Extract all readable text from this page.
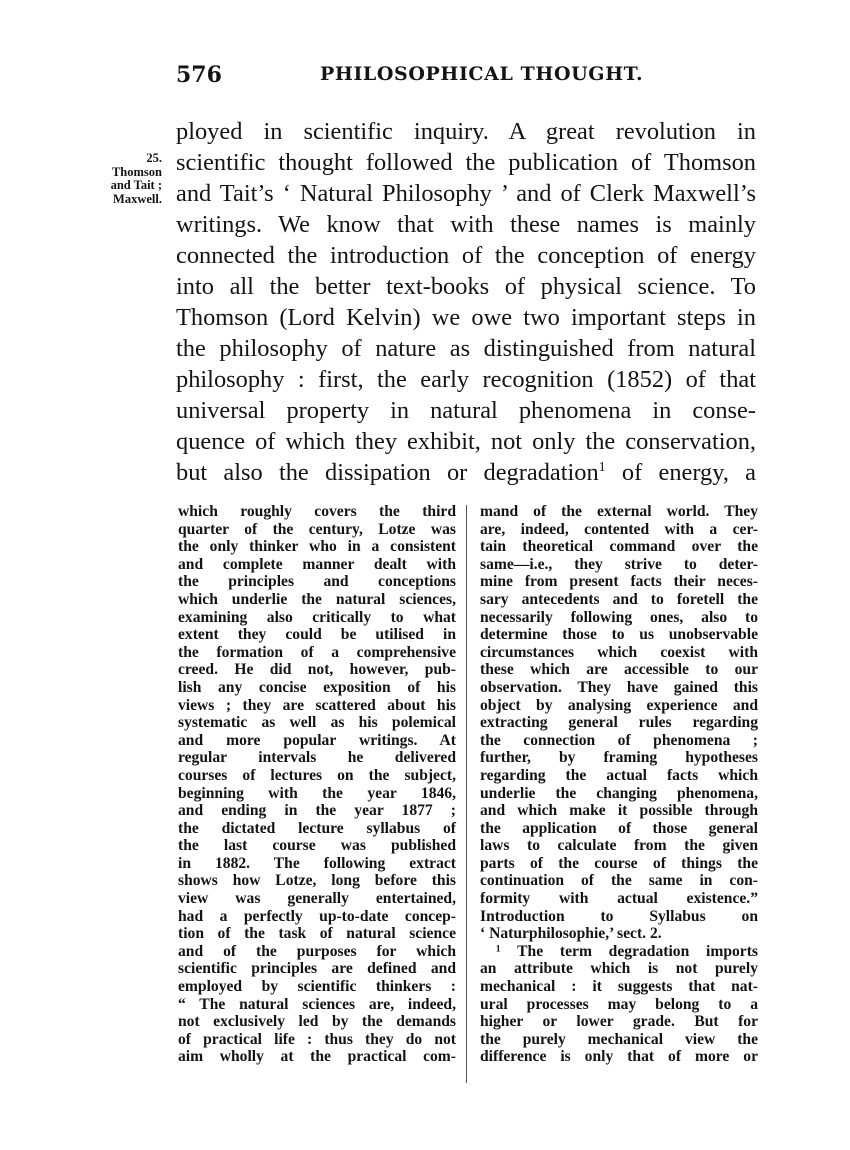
576	PHILOSOPHICAL THOUGHT.
25.
Thomson
and Tait ;
Maxwell.
ployed in scientific inquiry. A great revolution in
scientific thought followed the publication of Thomson
and Tait’s ‘ Natural Philosophy ’ and of Clerk Maxwell’s
writings. We know that with these names is mainly
connected the introduction of the conception of energy
into all the better text-books of physical science. To
Thomson (Lord Kelvin) we owe two important steps in
the philosophy of nature as distinguished from natural
philosophy : first, the early recognition (1852) of that
universal property in natural phenomena in conse-
quence of which they exhibit, not only the conservation,
but also the dissipation or degradation$^1$ of energy, a
which roughly covers the third
quarter of the century, Lotze was
the only thinker who in a consistent
and complete manner dealt with
the principles and conceptions
which underlie the natural sciences,
examining also critically to what
extent they could be utilised in
the formation of a comprehensive
creed. He did not, however, pub-
lish any concise exposition of his
views ; they are scattered about his
systematic as well as his polemical
and more popular writings. At
regular intervals he delivered
courses of lectures on the subject,
beginning with the year 1846,
and ending in the year 1877 ;
the dictated lecture syllabus of
the last course was published
in 1882. The following extract
shows how Lotze, long before this
view was generally entertained,
had a perfectly up-to-date concep-
tion of the task of natural science
and of the purposes for which
scientific principles are defined and
employed by scientific thinkers :
“ The natural sciences are, indeed,
not exclusively led by the demands
of practical life : thus they do not
aim wholly at the practical com-
mand of the external world. They
are, indeed, contented with a cer-
tain theoretical command over the
same—i.e., they strive to deter-
mine from present facts their neces-
sary antecedents and to foretell the
necessarily following ones, also to
determine those to us unobservable
circumstances which coexist with
these which are accessible to our
observation. They have gained this
object by analysing experience and
extracting general rules regarding
the connection of phenomena ;
further, by framing hypotheses
regarding the actual facts which
underlie the changing phenomena,
and which make it possible through
the application of those general
laws to calculate from the given
parts of the course of things the
continuation of the same in con-
formity with actual existence.”
Introduction to Syllabus on
‘ Naturphilosophie,’ sect. 2.
¹ The term degradation imports
an attribute which is not purely
mechanical : it suggests that nat-
ural processes may belong to a
higher or lower grade. But for
the purely mechanical view the
difference is only that of more or
